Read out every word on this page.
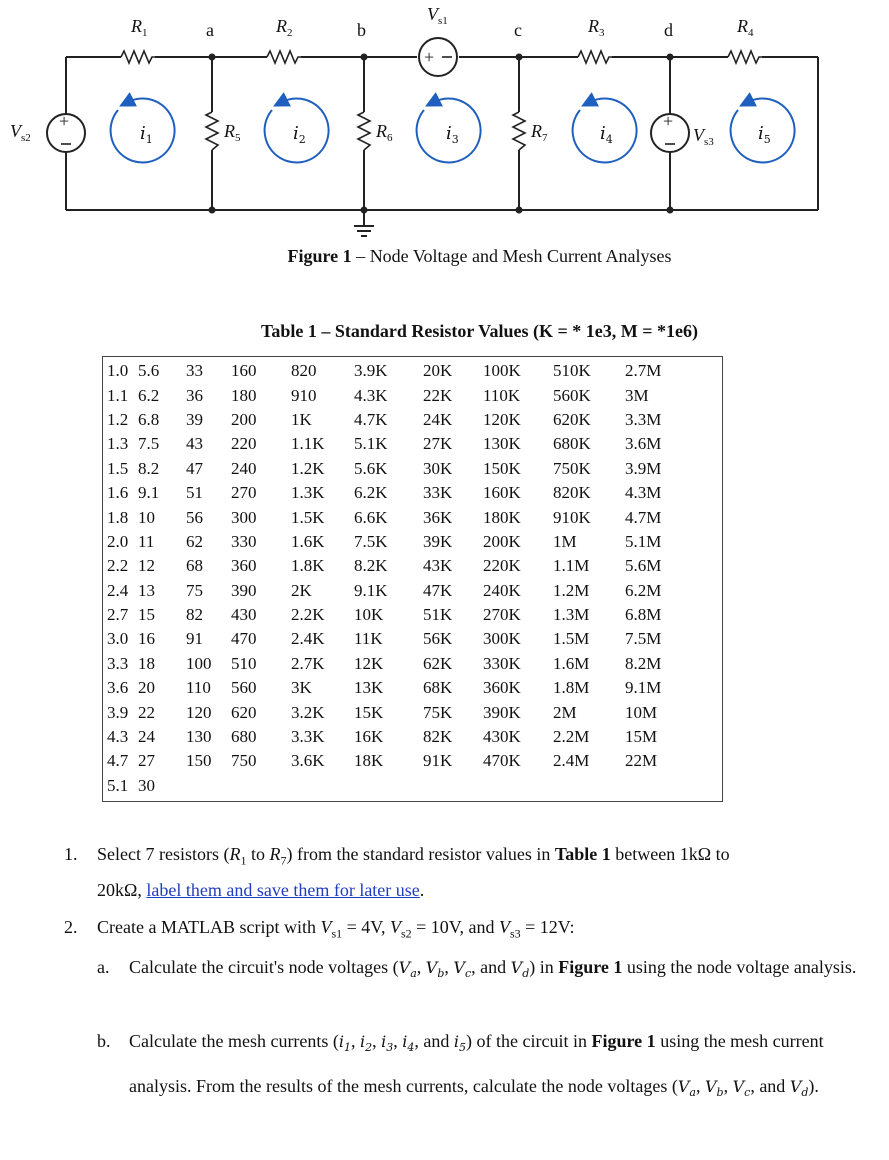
+
+	+
$R_1$	a	$R_2$	b
$V_{s1}$	c	$R_3$	d	$R_4$
$V_{s2}$	$R_5$	$R_6$	$R_7$	$V_{s3}$
$i_1$	$i_2$	$i_3$	$i_4$	$i_5$
Figure 1 – Node Voltage and Mesh Current Analyses
Table 1 – Standard Resistor Values (K = * 1e3, M = *1e6)
1.0	5.6	33	160	820	3.9K	20K	100K	510K	2.7M
1.1	6.2	36	180	910	4.3K	22K	110K	560K	3M
1.2	6.8	39	200	1K	4.7K	24K	120K	620K	3.3M
1.3	7.5	43	220	1.1K	5.1K	27K	130K	680K	3.6M
1.5	8.2	47	240	1.2K	5.6K	30K	150K	750K	3.9M
1.6	9.1	51	270	1.3K	6.2K	33K	160K	820K	4.3M
1.8	10	56	300	1.5K	6.6K	36K	180K	910K	4.7M
2.0	11	62	330	1.6K	7.5K	39K	200K	1M	5.1M
2.2	12	68	360	1.8K	8.2K	43K	220K	1.1M	5.6M
2.4	13	75	390	2K	9.1K	47K	240K	1.2M	6.2M
2.7	15	82	430	2.2K	10K	51K	270K	1.3M	6.8M
3.0	16	91	470	2.4K	11K	56K	300K	1.5M	7.5M
3.3	18	100	510	2.7K	12K	62K	330K	1.6M	8.2M
3.6	20	110	560	3K	13K	68K	360K	1.8M	9.1M
3.9	22	120	620	3.2K	15K	75K	390K	2M	10M
4.3	24	130	680	3.3K	16K	82K	430K	2.2M	15M
4.7	27	150	750	3.6K	18K	91K	470K	2.4M	22M
5.1	30								
1. Select 7 resistors ($R_1$ to $R_7$) from the standard resistor values in Table 1 between 1kΩ to
20kΩ, label them and save them for later use.
2. Create a MATLAB script with $V_{s1} = 4V$, $V_{s2} = 10V$, and $V_{s3} = 12V$:
a. Calculate the circuit's node voltages ($V_a$, $V_b$, $V_c$, and $V_d$) in Figure 1 using the node voltage analysis.
b. Calculate the mesh currents ($i_1$, $i_2$, $i_3$, $i_4$, and $i_5$) of the circuit in Figure 1 using the mesh current analysis. From the results of the mesh currents, calculate the node voltages ($V_a$, $V_b$, $V_c$, and $V_d$).
